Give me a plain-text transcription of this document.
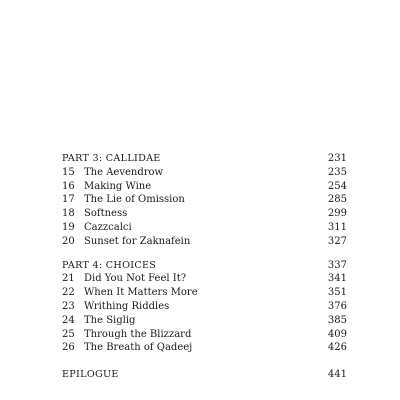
PART 3: CALLIDAE	231
15 The Aevendrow	235
16 Making Wine	254
17 The Lie of Omission	285
18 Softness	299
19 Cazzcalci	311
20 Sunset for Zaknafein	327
PART 4: CHOICES	337
21 Did You Not Feel It?	341
22 When It Matters More	351
23 Writhing Riddles	376
24 The Siglig	385
25 Through the Blizzard	409
26 The Breath of Qadeej	426
EPILOGUE	441
